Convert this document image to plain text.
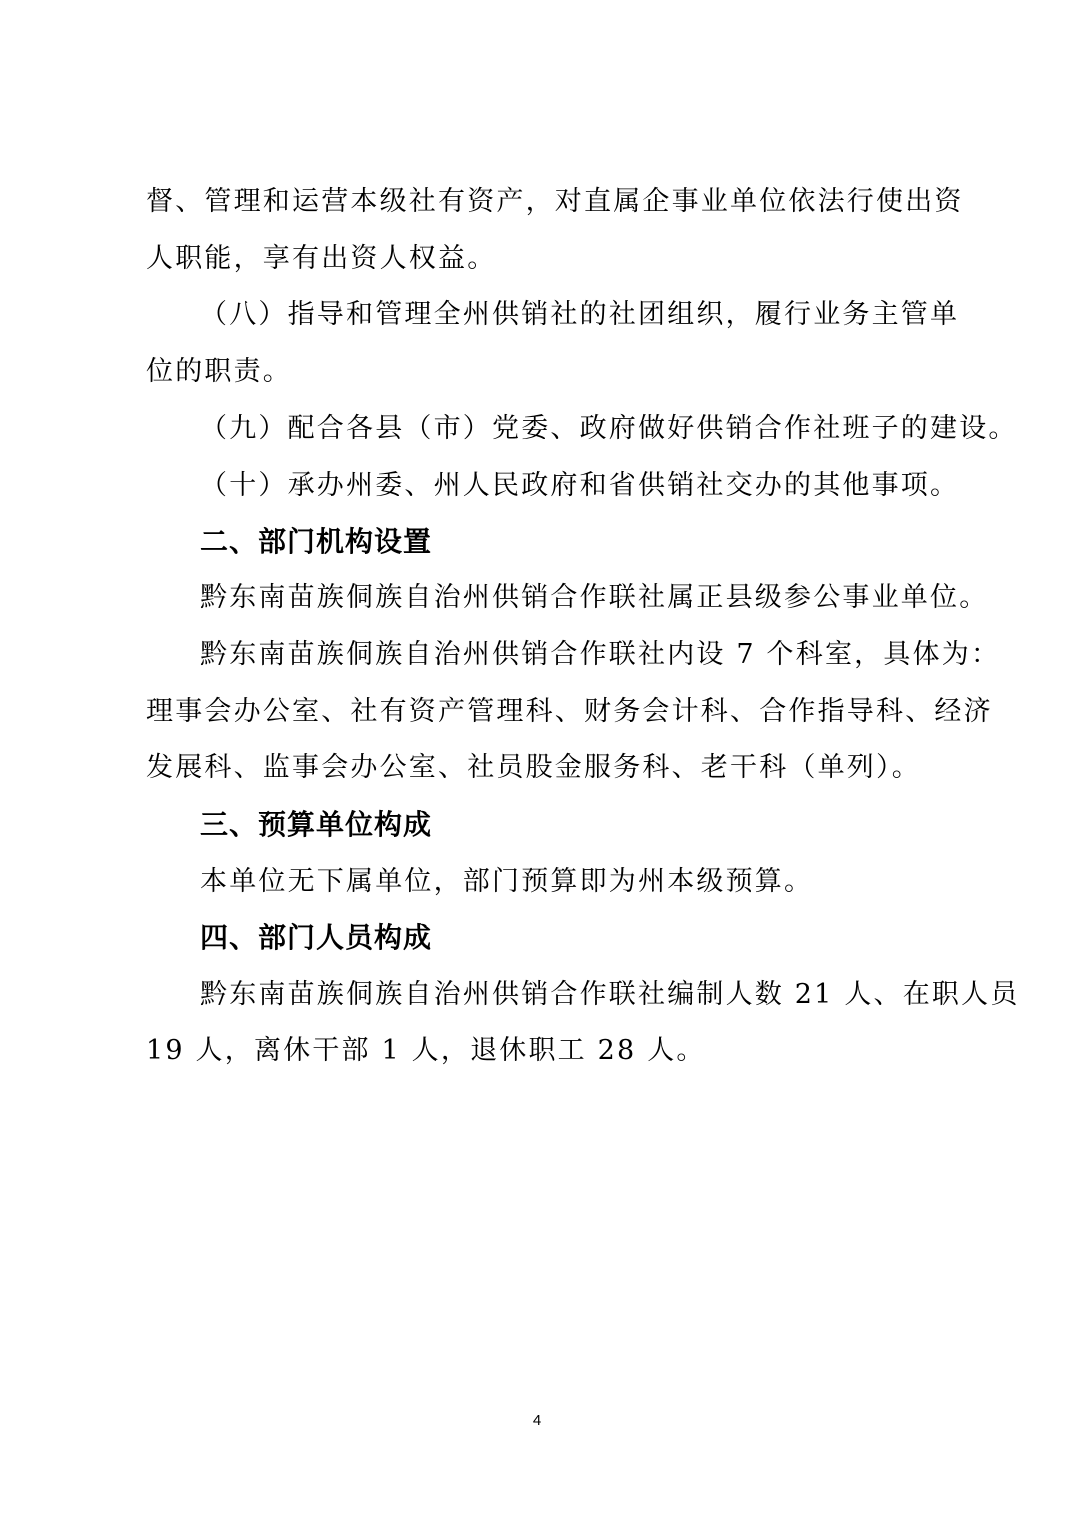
督、管理和运营本级社有资产，对直属企事业单位依法行使出资
人职能，享有出资人权益。
（八）指导和管理全州供销社的社团组织，履行业务主管单
位的职责。
（九）配合各县（市）党委、政府做好供销合作社班子的建设。
（十）承办州委、州人民政府和省供销社交办的其他事项。
二、部门机构设置
黔东南苗族侗族自治州供销合作联社属正县级参公事业单位。
黔东南苗族侗族自治州供销合作联社内设 7 个科室，具体为：
理事会办公室、社有资产管理科、财务会计科、合作指导科、经济
发展科、监事会办公室、社员股金服务科、老干科（单列）。
三、预算单位构成
本单位无下属单位，部门预算即为州本级预算。
四、部门人员构成
黔东南苗族侗族自治州供销合作联社编制人数 21 人、在职人员
19 人，离休干部 1 人，退休职工 28 人。
4
